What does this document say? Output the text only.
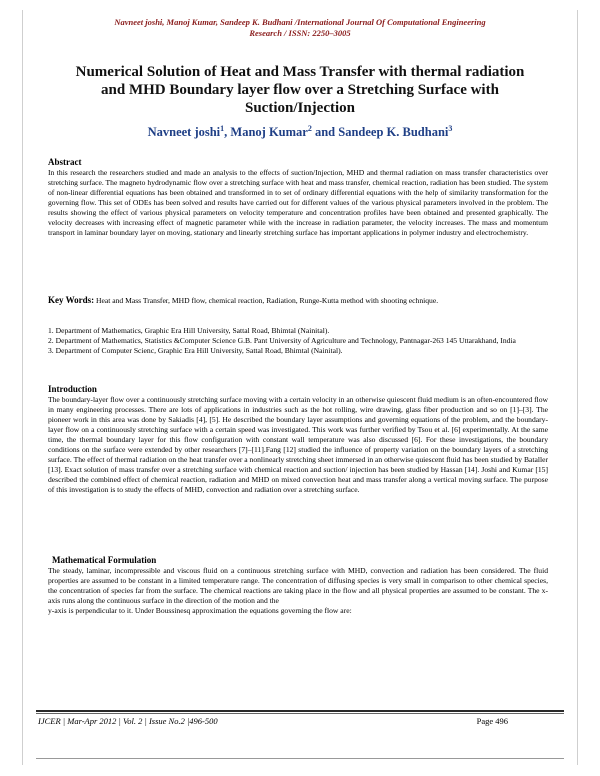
Navneet joshi, Manoj Kumar, Sandeep K. Budhani /International Journal Of Computational Engineering
Research / ISSN: 2250–3005
Numerical Solution of Heat and Mass Transfer with thermal radiation
and MHD Boundary layer flow over a Stretching Surface with
Suction/Injection
Navneet joshi$^1$, Manoj Kumar$^2$ and Sandeep K. Budhani$^3$
Abstract
In this research the researchers studied and made an analysis to the effects of suction/Injection, MHD and thermal radiation on mass transfer characteristics over stretching surface. The magneto hydrodynamic flow over a stretching surface with heat and mass transfer, chemical reaction, radiation has been studied. The system of non-linear differential equations has been obtained and transformed in to set of ordinary differential equations with the help of similarity transformation for the governing flow. This set of ODEs has been solved and results have carried out for different values of the various physical parameters involved in the problem. The results showing the effect of various physical parameters on velocity temperature and concentration profiles have been obtained and presented graphically. The velocity decreases with increasing effect of magnetic parameter while with the increase in radiation parameter, the velocity increases. The mass and momentum transport in laminar boundary layer on moving, stationary and linearly stretching surface has important applications in polymer industry and electrochemistry.
Key Words: Heat and Mass Transfer, MHD flow, chemical reaction, Radiation, Runge-Kutta method with shooting echnique.

1. Department of Mathematics, Graphic Era Hill University, Sattal Road, Bhimtal (Nainital).

2. Department of Mathematics, Statistics &Computer Science G.B. Pant University of Agriculture and Technology, Pantnagar-263 145 Uttarakhand, India

3. Department of Computer Scienc, Graphic Era Hill University, Sattal Road, Bhimtal (Nainital).

Introduction
The boundary-layer flow over a continuously stretching surface moving with a certain velocity in an otherwise quiescent fluid medium is an often-encountered flow in many engineering processes. There are lots of applications in industries such as the hot rolling, wire drawing, glass fiber production and so on [1]–[3]. The pioneer work in this area was done by Sakiadis [4], [5]. He described the boundary layer assumptions and governing equations of the problem, and the boundary-layer flow on a continuously stretching surface with a certain speed was investigated. This work was further verified by Tsou et al. [6] experimentally. At the same time, the thermal boundary layer for this flow configuration with constant wall temperature was also discussed [6]. For these investigations, the boundary conditions on the surface were extended by other researchers [7]–[11].Fang [12] studied the influence of property variation on the boundary layers of a stretching surface. The effect of thermal radiation on the heat transfer over a nonlinearly stretching sheet immersed in an otherwise quiescent fluid has been studied by Bataller [13]. Exact solution of mass transfer over a stretching surface with chemical reaction and suction/ injection has been studied by Hassan [14]. Joshi and Kumar [15] described the combined effect of chemical reaction, radiation and MHD on mixed convection heat and mass transfer along a vertical moving surface. The purpose of this investigation is to study the effects of MHD, convection and radiation over a stretching surface.
Mathematical Formulation
The steady, laminar, incompressible and viscous fluid on a continuous stretching surface with MHD, convection and radiation has been considered. The fluid properties are assumed to be constant in a limited temperature range. The concentration of diffusing species is very small in comparison to other chemical species, the concentration of species far from the surface. The chemical reactions are taking place in the flow and all physical properties are assumed to be constant. The x-axis runs along the continuous surface in the direction of the motion and the
y-axis is perpendicular to it. Under Boussinesq approximation the equations governing the flow are:
IJCER | Mar-Apr 2012 | Vol. 2 | Issue No.2 |496-500	Page 496
